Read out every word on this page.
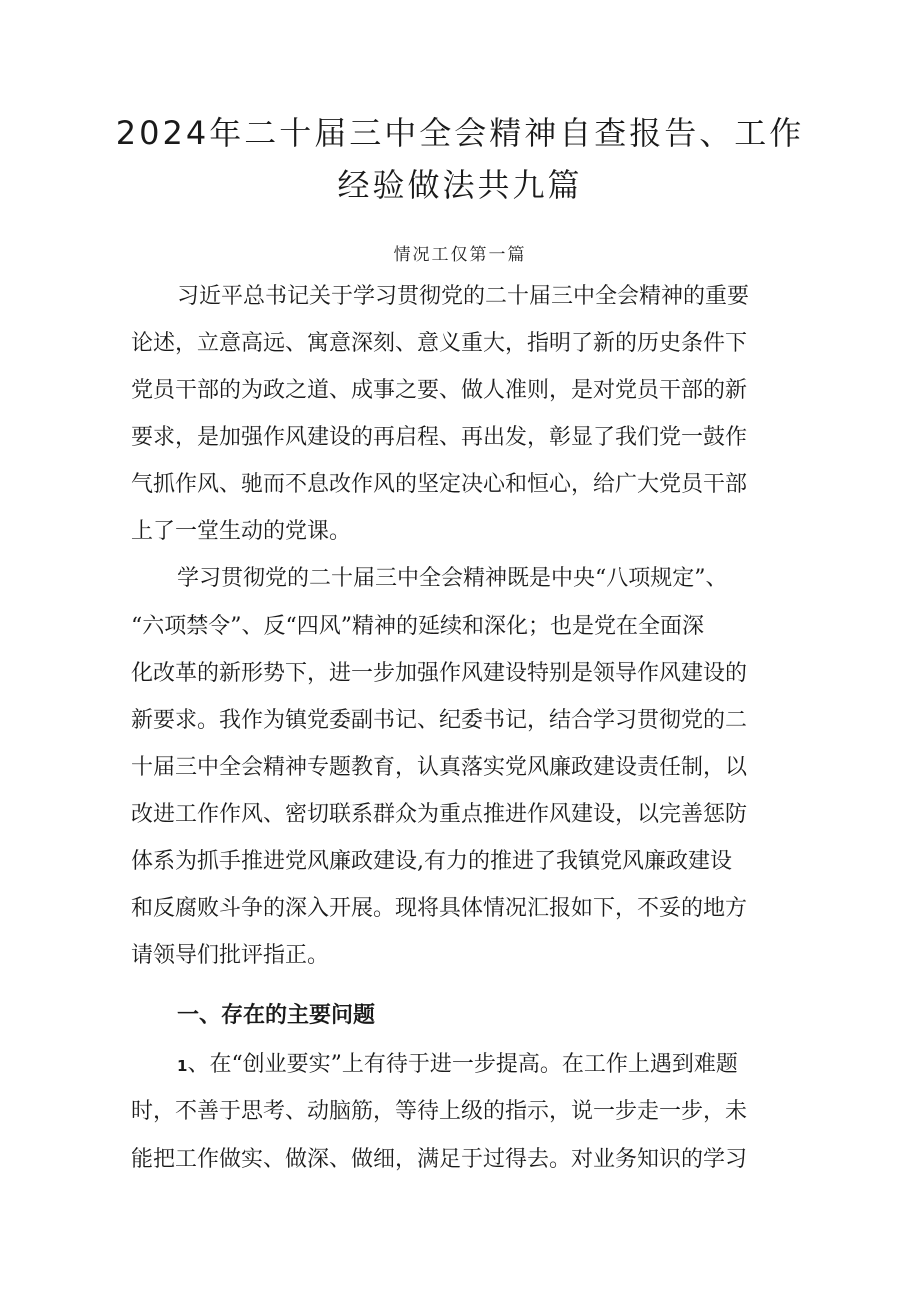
2024年二十届三中全会精神自查报告、工作
经验做法共九篇
情况工仅第一篇

习近平总书记关于学习贯彻党的二十届三中全会精神的重要

论述，立意高远、寓意深刻、意义重大，指明了新的历史条件下

党员干部的为政之道、成事之要、做人准则，是对党员干部的新

要求，是加强作风建设的再启程、再出发，彰显了我们党一鼓作

气抓作风、驰而不息改作风的坚定决心和恒心，给广大党员干部

上了一堂生动的党课。

学习贯彻党的二十届三中全会精神既是中央“八项规定”、

“六项禁令”、反“四风”精神的延续和深化；也是党在全面深

化改革的新形势下，进一步加强作风建设特别是领导作风建设的

新要求。我作为镇党委副书记、纪委书记，结合学习贯彻党的二

十届三中全会精神专题教育，认真落实党风廉政建设责任制，以

改进工作作风、密切联系群众为重点推进作风建设，以完善惩防

体系为抓手推进党风廉政建设,有力的推进了我镇党风廉政建设

和反腐败斗争的深入开展。现将具体情况汇报如下，不妥的地方

请领导们批评指正。

一、存在的主要问题

1、在“创业要实”上有待于进一步提高。在工作上遇到难题

时，不善于思考、动脑筋，等待上级的指示，说一步走一步，未

能把工作做实、做深、做细，满足于过得去。对业务知识的学习
